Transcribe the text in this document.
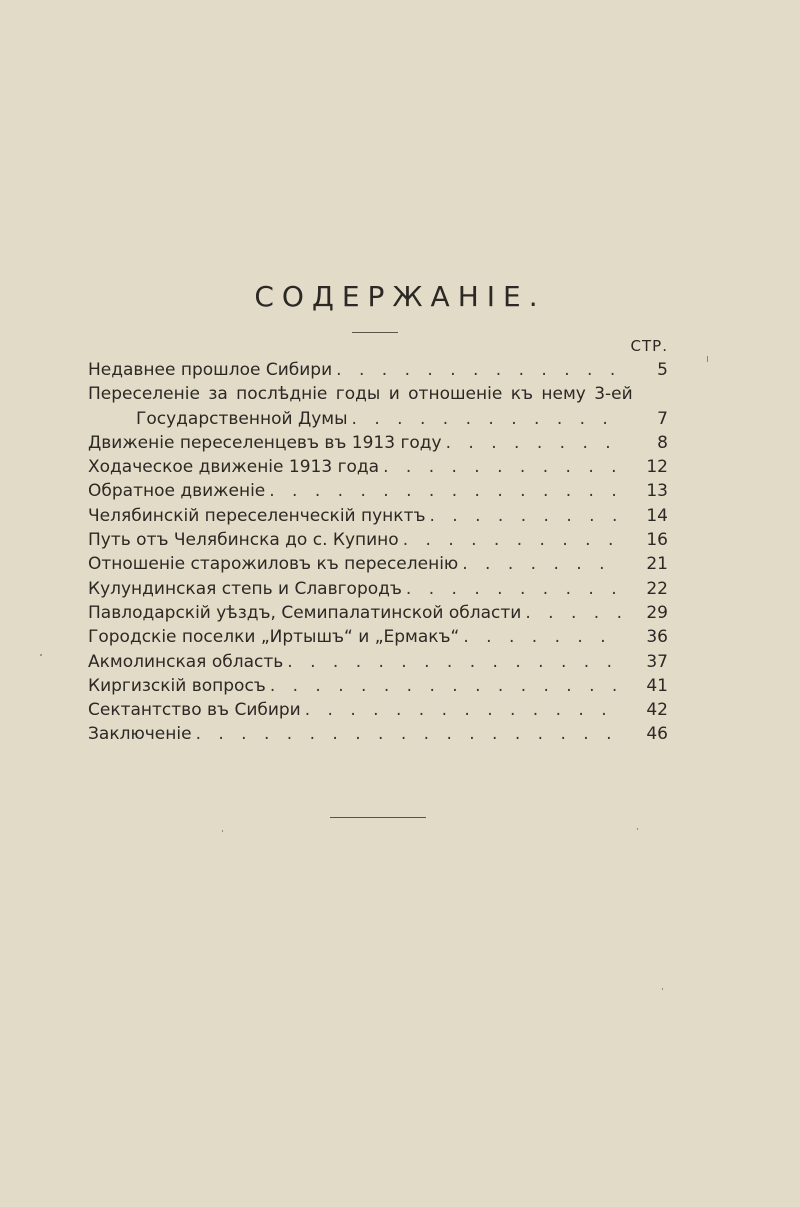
СОДЕРЖАНІЕ.
СТР.
Недавнее прошлое Сибири . . .	5
Переселеніе за послѣдніе годы и отношеніе къ нему 3-ей
Государственной Думы . . .	7
Движеніе переселенцевъ въ 1913 году . . .	8
Ходаческое движеніе 1913 года . . .	12
Обратное движеніе . . .	13
Челябинскій переселенческій пунктъ . . .	14
Путь отъ Челябинска до с. Купино . . .	16
Отношеніе старожиловъ къ переселенію . . .	21
Кулундинская степь и Славгородъ . . .	22
Павлодарскій уѣздъ, Семипалатинской области . . .	29
Городскіе поселки „Иртышъ“ и „Ермакъ“ . . .	36
Акмолинская область . . .	37
Киргизскій вопросъ . . .	41
Сектантство въ Сибири . . .	42
Заключеніе . . .	46
